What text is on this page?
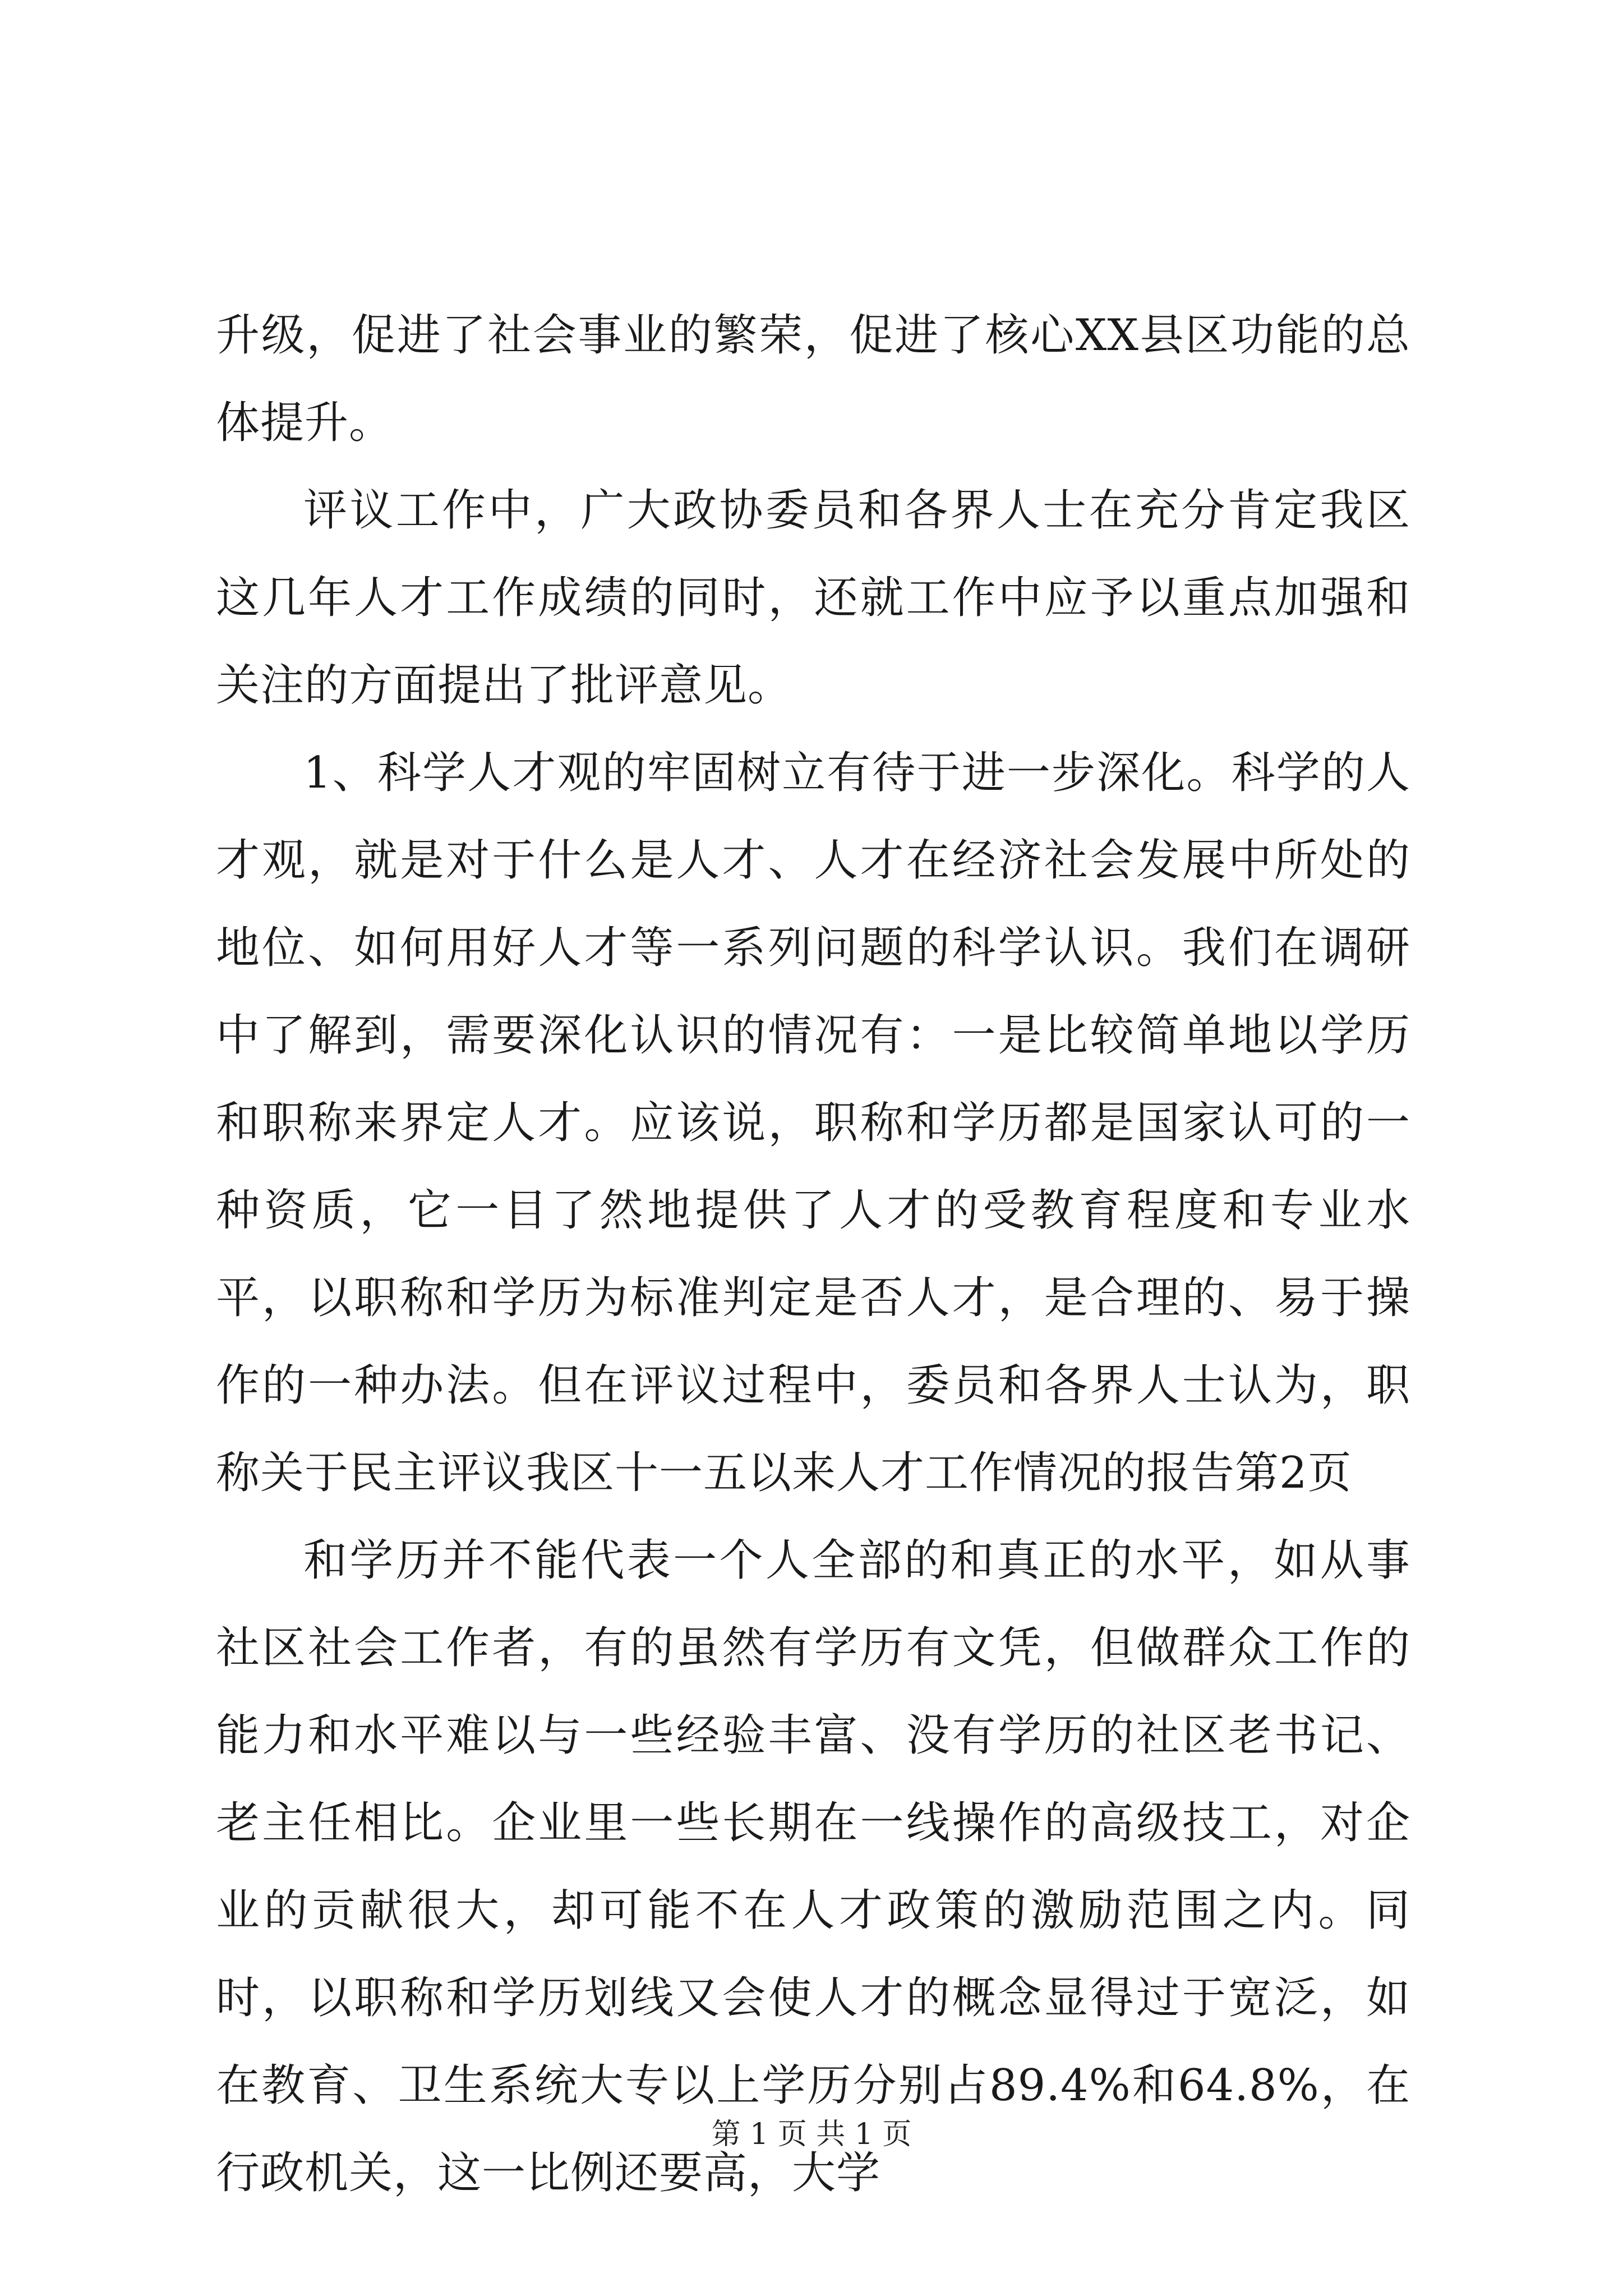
升级，促进了社会事业的繁荣，促进了核心XX县区功能的总体提升。

评议工作中，广大政协委员和各界人士在充分肯定我区这几年人才工作成绩的同时，还就工作中应予以重点加强和关注的方面提出了批评意见。

1、科学人才观的牢固树立有待于进一步深化。科学的人才观，就是对于什么是人才、人才在经济社会发展中所处的地位、如何用好人才等一系列问题的科学认识。我们在调研中了解到，需要深化认识的情况有：一是比较简单地以学历和职称来界定人才。应该说，职称和学历都是国家认可的一种资质，它一目了然地提供了人才的受教育程度和专业水平，以职称和学历为标准判定是否人才，是合理的、易于操作的一种办法。但在评议过程中，委员和各界人士认为，职称关于民主评议我区十一五以来人才工作情况的报告第2页

和学历并不能代表一个人全部的和真正的水平，如从事社区社会工作者，有的虽然有学历有文凭，但做群众工作的能力和水平难以与一些经验丰富、没有学历的社区老书记、老主任相比。企业里一些长期在一线操作的高级技工，对企业的贡献很大，却可能不在人才政策的激励范围之内。同时，以职称和学历划线又会使人才的概念显得过于宽泛，如在教育、卫生系统大专以上学历分别占89.4%和64.8%，在行政机关，这一比例还要高，大学

第 1 页 共 1 页
